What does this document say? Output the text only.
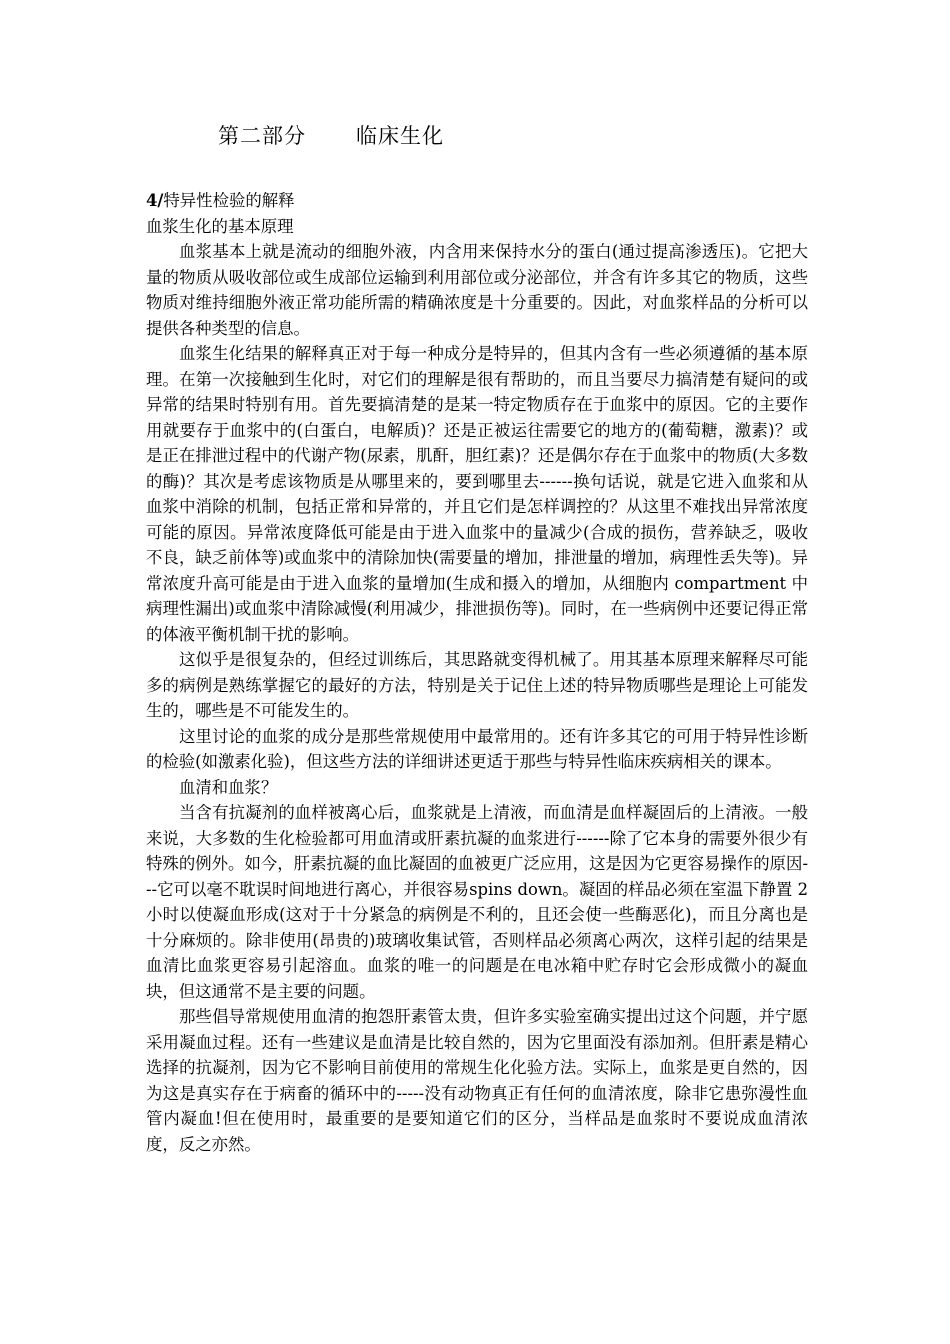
第二部分 临床生化

4/特异性检验的解释

血浆生化的基本原理

血浆基本上就是流动的细胞外液，内含用来保持水分的蛋白(通过提高渗透压)。它把大量的物质从吸收部位或生成部位运输到利用部位或分泌部位，并含有许多其它的物质，这些物质对维持细胞外液正常功能所需的精确浓度是十分重要的。因此，对血浆样品的分析可以提供各种类型的信息。

血浆生化结果的解释真正对于每一种成分是特异的，但其内含有一些必须遵循的基本原理。在第一次接触到生化时，对它们的理解是很有帮助的，而且当要尽力搞清楚有疑问的或异常的结果时特别有用。首先要搞清楚的是某一特定物质存在于血浆中的原因。它的主要作用就要存于血浆中的(白蛋白，电解质)？还是正被运往需要它的地方的(葡萄糖，激素)？或是正在排泄过程中的代谢产物(尿素，肌酐，胆红素)？还是偶尔存在于血浆中的物质(大多数的酶)？其次是考虑该物质是从哪里来的，要到哪里去------换句话说，就是它进入血浆和从血浆中消除的机制，包括正常和异常的，并且它们是怎样调控的？从这里不难找出异常浓度可能的原因。异常浓度降低可能是由于进入血浆中的量减少(合成的损伤，营养缺乏，吸收不良，缺乏前体等)或血浆中的清除加快(需要量的增加，排泄量的增加，病理性丢失等)。异常浓度升高可能是由于进入血浆的量增加(生成和摄入的增加，从细胞内 compartment 中病理性漏出)或血浆中清除减慢(利用减少，排泄损伤等)。同时，在一些病例中还要记得正常的体液平衡机制干扰的影响。

这似乎是很复杂的，但经过训练后，其思路就变得机械了。用其基本原理来解释尽可能多的病例是熟练掌握它的最好的方法，特别是关于记住上述的特异物质哪些是理论上可能发生的，哪些是不可能发生的。

这里讨论的血浆的成分是那些常规使用中最常用的。还有许多其它的可用于特异性诊断的检验(如激素化验)，但这些方法的详细讲述更适于那些与特异性临床疾病相关的课本。

血清和血浆？

当含有抗凝剂的血样被离心后，血浆就是上清液，而血清是血样凝固后的上清液。一般来说，大多数的生化检验都可用血清或肝素抗凝的血浆进行------除了它本身的需要外很少有特殊的例外。如今，肝素抗凝的血比凝固的血被更广泛应用，这是因为它更容易操作的原因---它可以毫不耽误时间地进行离心，并很容易spins down。凝固的样品必须在室温下静置 2 小时以使凝血形成(这对于十分紧急的病例是不利的，且还会使一些酶恶化)，而且分离也是十分麻烦的。除非使用(昂贵的)玻璃收集试管，否则样品必须离心两次，这样引起的结果是血清比血浆更容易引起溶血。血浆的唯一的问题是在电冰箱中贮存时它会形成微小的凝血块，但这通常不是主要的问题。

那些倡导常规使用血清的抱怨肝素管太贵，但许多实验室确实提出过这个问题，并宁愿采用凝血过程。还有一些建议是血清是比较自然的，因为它里面没有添加剂。但肝素是精心选择的抗凝剂，因为它不影响目前使用的常规生化化验方法。实际上，血浆是更自然的，因为这是真实存在于病畜的循环中的-----没有动物真正有任何的血清浓度，除非它患弥漫性血管内凝血!但在使用时，最重要的是要知道它们的区分，当样品是血浆时不要说成血清浓度，反之亦然。
